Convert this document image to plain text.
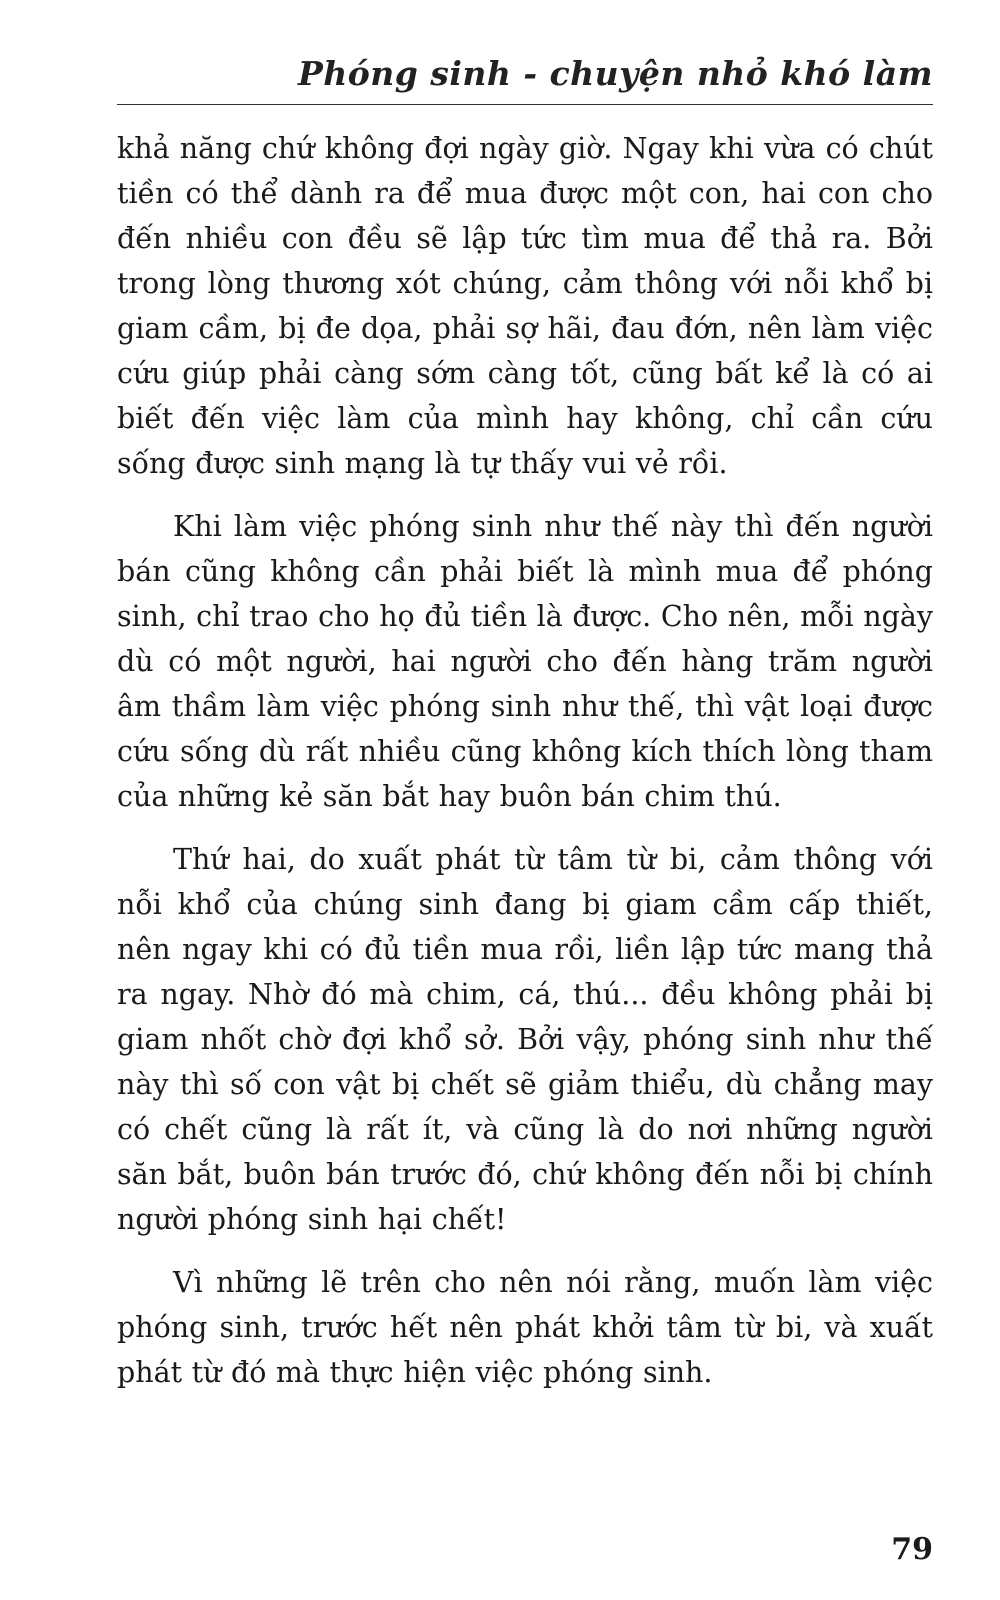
Phóng sinh - chuyện nhỏ khó làm

khả năng chứ không đợi ngày giờ. Ngay khi vừa có chút tiền có thể dành ra để mua được một con, hai con cho đến nhiều con đều sẽ lập tức tìm mua để thả ra. Bởi trong lòng thương xót chúng, cảm thông với nỗi khổ bị giam cầm, bị đe dọa, phải sợ hãi, đau đớn, nên làm việc cứu giúp phải càng sớm càng tốt, cũng bất kể là có ai biết đến việc làm của mình hay không, chỉ cần cứu sống được sinh mạng là tự thấy vui vẻ rồi.

Khi làm việc phóng sinh như thế này thì đến người bán cũng không cần phải biết là mình mua để phóng sinh, chỉ trao cho họ đủ tiền là được. Cho nên, mỗi ngày dù có một người, hai người cho đến hàng trăm người âm thầm làm việc phóng sinh như thế, thì vật loại được cứu sống dù rất nhiều cũng không kích thích lòng tham của những kẻ săn bắt hay buôn bán chim thú.

Thứ hai, do xuất phát từ tâm từ bi, cảm thông với nỗi khổ của chúng sinh đang bị giam cầm cấp thiết, nên ngay khi có đủ tiền mua rồi, liền lập tức mang thả ra ngay. Nhờ đó mà chim, cá, thú... đều không phải bị giam nhốt chờ đợi khổ sở. Bởi vậy, phóng sinh như thế này thì số con vật bị chết sẽ giảm thiểu, dù chẳng may có chết cũng là rất ít, và cũng là do nơi những người săn bắt, buôn bán trước đó, chứ không đến nỗi bị chính người phóng sinh hại chết!

Vì những lẽ trên cho nên nói rằng, muốn làm việc phóng sinh, trước hết nên phát khởi tâm từ bi, và xuất phát từ đó mà thực hiện việc phóng sinh.

79
